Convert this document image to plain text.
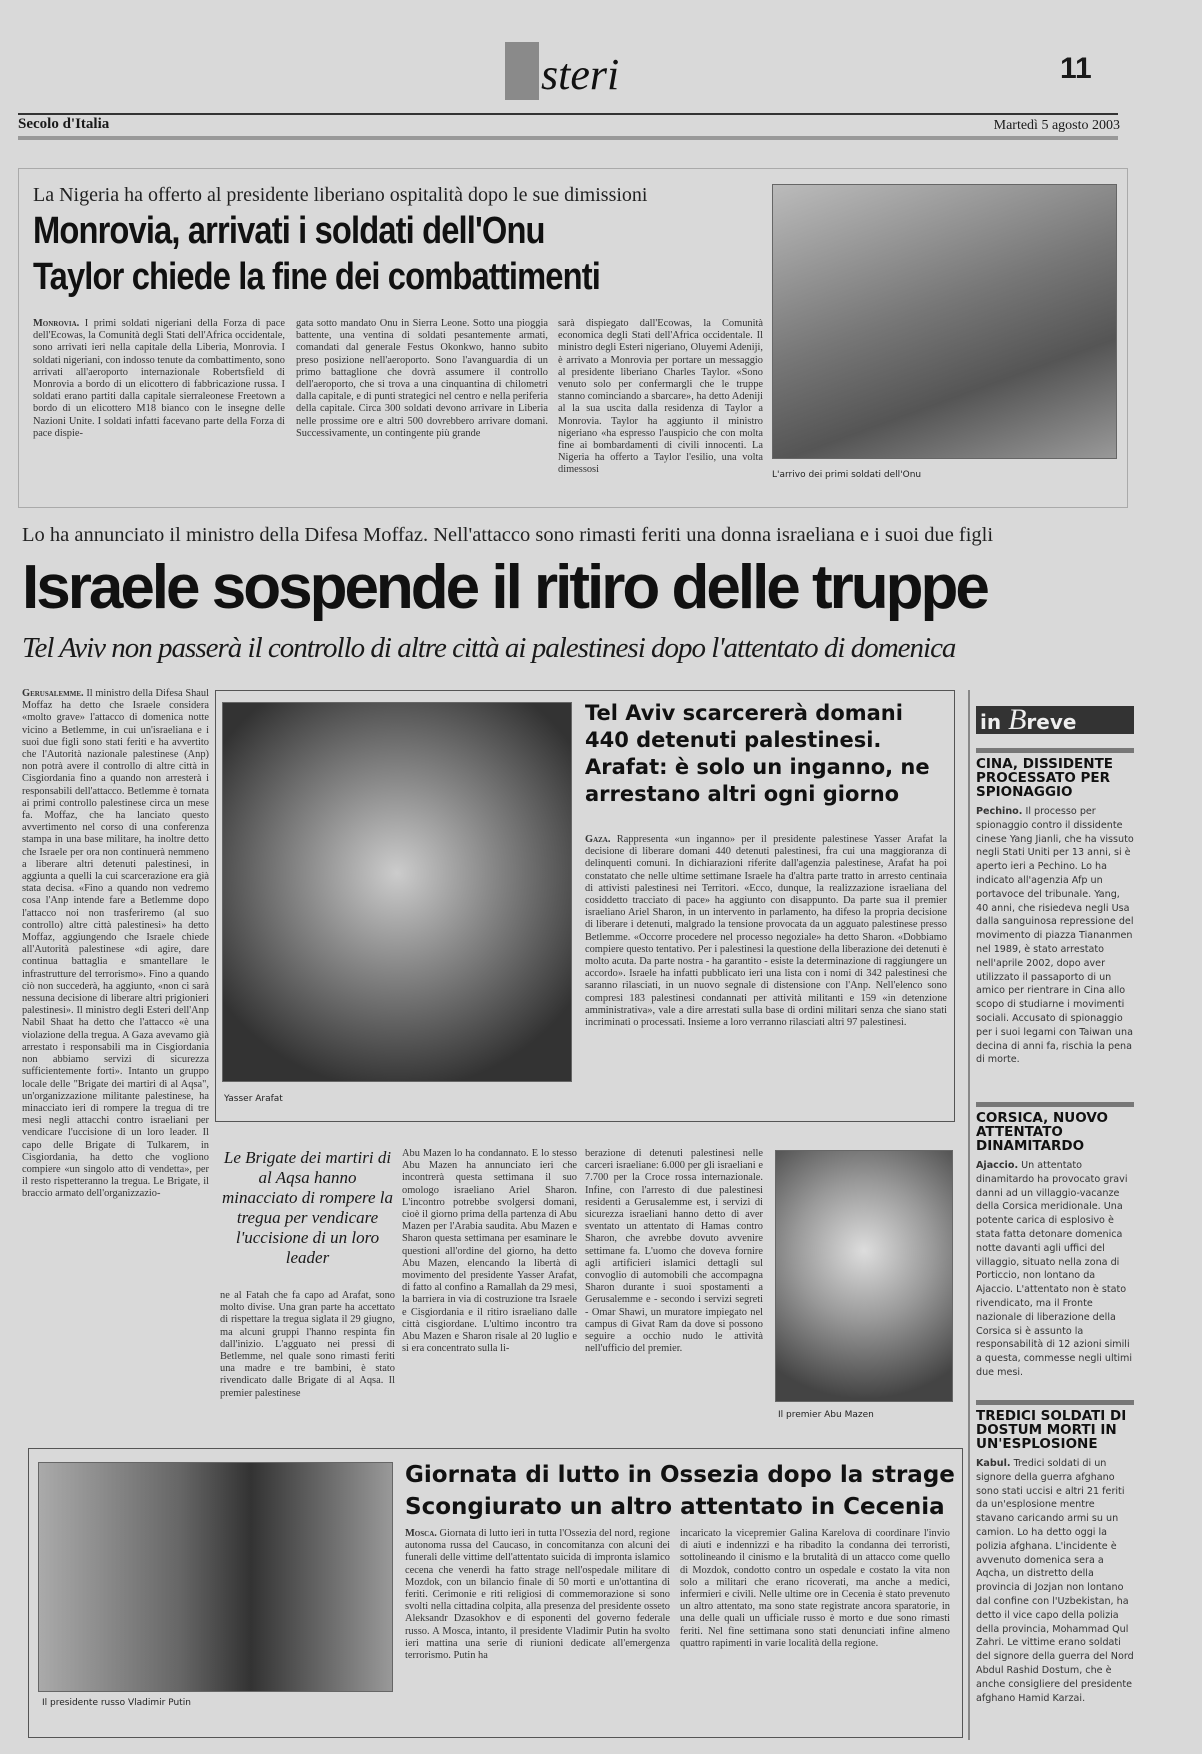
steri	11
Secolo d'Italia	Martedì 5 agosto 2003
La Nigeria ha offerto al presidente liberiano ospitalità dopo le sue dimissioni
Monrovia, arrivati i soldati dell'Onu
Taylor chiede la fine dei combattimenti
Monrovia. I primi soldati nigeriani della Forza di pace dell'Ecowas, la Comunità degli Stati dell'Africa occidentale, sono arrivati ieri nella capitale della Liberia, Monrovia. I soldati nigeriani, con indosso tenute da combattimento, sono arrivati all'aeroporto internazionale Robertsfield di Monrovia a bordo di un elicottero di fabbricazione russa. I soldati erano partiti dalla capitale sierraleonese Freetown a bordo di un elicottero M18 bianco con le insegne delle Nazioni Unite. I soldati infatti facevano parte della Forza di pace dispie-
gata sotto mandato Onu in Sierra Leone. Sotto una pioggia battente, una ventina di soldati pesantemente armati, comandati dal generale Festus Okonkwo, hanno subito preso posizione nell'aeroporto. Sono l'avanguardia di un primo battaglione che dovrà assumere il controllo dell'aeroporto, che si trova a una cinquantina di chilometri dalla capitale, e di punti strategici nel centro e nella periferia della capitale. Circa 300 soldati devono arrivare in Liberia nelle prossime ore e altri 500 dovrebbero arrivare domani. Successivamente, un contingente più grande
sarà dispiegato dall'Ecowas, la Comunità economica degli Stati dell'Africa occidentale. Il ministro degli Esteri nigeriano, Oluyemi Adeniji, è arrivato a Monrovia per portare un messaggio al presidente liberiano Charles Taylor. «Sono venuto solo per confermargli che le truppe stanno cominciando a sbarcare», ha detto Adeniji al la sua uscita dalla residenza di Taylor a Monrovia. Taylor ha aggiunto il ministro nigeriano «ha espresso l'auspicio che con molta fine ai bombardamenti di civili innocenti. La Nigeria ha offerto a Taylor l'esilio, una volta dimessosi	L'arrivo dei primi soldati dell'Onu
Lo ha annunciato il ministro della Difesa Moffaz. Nell'attacco sono rimasti feriti una donna israeliana e i suoi due figli
Israele sospende il ritiro delle truppe
Tel Aviv non passerà il controllo di altre città ai palestinesi dopo l'attentato di domenica
Gerusalemme. Il ministro della Difesa Shaul Moffaz ha detto che Israele considera «molto grave» l'attacco di domenica notte vicino a Betlemme, in cui un'israeliana e i suoi due figli sono stati feriti e ha avvertito che l'Autorità nazionale palestinese (Anp) non potrà avere il controllo di altre città in Cisgiordania fino a quando non arresterà i responsabili dell'attacco. Betlemme è tornata ai primi controllo palestinese circa un mese fa. Moffaz, che ha lanciato questo avvertimento nel corso di una conferenza stampa in una base militare, ha inoltre detto che Israele per ora non continuerà nemmeno a liberare altri detenuti palestinesi, in aggiunta a quelli la cui scarcerazione era già stata decisa. «Fino a quando non vedremo cosa l'Anp intende fare a Betlemme dopo l'attacco noi non trasferiremo (al suo controllo) altre città palestinesi» ha detto Moffaz, aggiungendo che Israele chiede all'Autorità palestinese «di agire, dare continua battaglia e smantellare le infrastrutture del terrorismo». Fino a quando ciò non succederà, ha aggiunto, «non ci sarà nessuna decisione di liberare altri prigionieri palestinesi». Il ministro degli Esteri dell'Anp Nabil Shaat ha detto che l'attacco «è una violazione della tregua. A Gaza avevamo già arrestato i responsabili ma in Cisgiordania non abbiamo servizi di sicurezza sufficientemente forti». Intanto un gruppo locale delle "Brigate dei martiri di al Aqsa", un'organizzazione militante palestinese, ha minacciato ieri di rompere la tregua di tre mesi negli attacchi contro israeliani per vendicare l'uccisione di un loro leader. Il capo delle Brigate di Tulkarem, in Cisgiordania, ha detto che vogliono compiere «un singolo atto di vendetta», per il resto rispetteranno la tregua. Le Brigate, il braccio armato dell'organizzazio-
Yasser Arafat
Tel Aviv scarcererà domani 440 detenuti palestinesi. Arafat: è solo un inganno, ne arrestano altri ogni giorno
Gaza. Rappresenta «un inganno» per il presidente palestinese Yasser Arafat la decisione di liberare domani 440 detenuti palestinesi, fra cui una maggioranza di delinquenti comuni. In dichiarazioni riferite dall'agenzia palestinese, Arafat ha poi constatato che nelle ultime settimane Israele ha d'altra parte tratto in arresto centinaia di attivisti palestinesi nei Territori. «Ecco, dunque, la realizzazione israeliana del cosiddetto tracciato di pace» ha aggiunto con disappunto. Da parte sua il premier israeliano Ariel Sharon, in un intervento in parlamento, ha difeso la propria decisione di liberare i detenuti, malgrado la tensione provocata da un agguato palestinese presso Betlemme. «Occorre procedere nel processo negoziale» ha detto Sharon. «Dobbiamo compiere questo tentativo. Per i palestinesi la questione della liberazione dei detenuti è molto acuta. Da parte nostra - ha garantito - esiste la determinazione di raggiungere un accordo». Israele ha infatti pubblicato ieri una lista con i nomi di 342 palestinesi che saranno rilasciati, in un nuovo segnale di distensione con l'Anp. Nell'elenco sono compresi 183 palestinesi condannati per attività militanti e 159 «in detenzione amministrativa», vale a dire arrestati sulla base di ordini militari senza che siano stati incriminati o processati. Insieme a loro verranno rilasciati altri 97 palestinesi.
Le Brigate dei martiri di al Aqsa hanno minacciato di rompere la tregua per vendicare l'uccisione di un loro leader
ne al Fatah che fa capo ad Arafat, sono molto divise. Una gran parte ha accettato di rispettare la tregua siglata il 29 giugno, ma alcuni gruppi l'hanno respinta fin dall'inizio. L'agguato nei pressi di Betlemme, nel quale sono rimasti feriti una madre e tre bambini, è stato rivendicato dalle Brigate di al Aqsa. Il premier palestinese
Abu Mazen lo ha condannato. E lo stesso Abu Mazen ha annunciato ieri che incontrerà questa settimana il suo omologo israeliano Ariel Sharon. L'incontro potrebbe svolgersi domani, cioè il giorno prima della partenza di Abu Mazen per l'Arabia saudita. Abu Mazen e Sharon questa settimana per esaminare le questioni all'ordine del giorno, ha detto Abu Mazen, elencando la libertà di movimento del presidente Yasser Arafat, di fatto al confino a Ramallah da 29 mesi, la barriera in via di costruzione tra Israele e Cisgiordania e il ritiro israeliano dalle città cisgiordane. L'ultimo incontro tra Abu Mazen e Sharon risale al 20 luglio e si era concentrato sulla li-
berazione di detenuti palestinesi nelle carceri israeliane: 6.000 per gli israeliani e 7.700 per la Croce rossa internazionale. Infine, con l'arresto di due palestinesi residenti a Gerusalemme est, i servizi di sicurezza israeliani hanno detto di aver sventato un attentato di Hamas contro Sharon, che avrebbe dovuto avvenire settimane fa. L'uomo che doveva fornire agli artificieri islamici dettagli sul convoglio di automobili che accompagna Sharon durante i suoi spostamenti a Gerusalemme e - secondo i servizi segreti - Omar Shawi, un muratore impiegato nel campus di Givat Ram da dove si possono seguire a occhio nudo le attività nell'ufficio del premier.
Il premier Abu Mazen
Il presidente russo Vladimir Putin
Giornata di lutto in Ossezia dopo la strage
Scongiurato un altro attentato in Cecenia
Mosca. Giornata di lutto ieri in tutta l'Ossezia del nord, regione autonoma russa del Caucaso, in concomitanza con alcuni dei funerali delle vittime dell'attentato suicida di impronta islamico cecena che venerdì ha fatto strage nell'ospedale militare di Mozdok, con un bilancio finale di 50 morti e un'ottantina di feriti. Cerimonie e riti religiosi di commemorazione si sono svolti nella cittadina colpita, alla presenza del presidente osseto Aleksandr Dzasokhov e di esponenti del governo federale russo. A Mosca, intanto, il presidente Vladimir Putin ha svolto ieri mattina una serie di riunioni dedicate all'emergenza terrorismo. Putin ha
incaricato la vicepremier Galina Karelova di coordinare l'invio di aiuti e indennizzi e ha ribadito la condanna dei terroristi, sottolineando il cinismo e la brutalità di un attacco come quello di Mozdok, condotto contro un ospedale e costato la vita non solo a militari che erano ricoverati, ma anche a medici, infermieri e civili. Nelle ultime ore in Cecenia è stato prevenuto un altro attentato, ma sono state registrate ancora sparatorie, in una delle quali un ufficiale russo è morto e due sono rimasti feriti. Nel fine settimana sono stati denunciati infine almeno quattro rapimenti in varie località della regione.
in Breve
CINA, DISSIDENTE PROCESSATO PER SPIONAGGIO
Pechino. Il processo per spionaggio contro il dissidente cinese Yang Jianli, che ha vissuto negli Stati Uniti per 13 anni, si è aperto ieri a Pechino. Lo ha indicato all'agenzia Afp un portavoce del tribunale. Yang, 40 anni, che risiedeva negli Usa dalla sanguinosa repressione del movimento di piazza Tiananmen nel 1989, è stato arrestato nell'aprile 2002, dopo aver utilizzato il passaporto di un amico per rientrare in Cina allo scopo di studiarne i movimenti sociali. Accusato di spionaggio per i suoi legami con Taiwan una decina di anni fa, rischia la pena di morte.
CORSICA, NUOVO ATTENTATO DINAMITARDO
Ajaccio. Un attentato dinamitardo ha provocato gravi danni ad un villaggio-vacanze della Corsica meridionale. Una potente carica di esplosivo è stata fatta detonare domenica notte davanti agli uffici del villaggio, situato nella zona di Porticcio, non lontano da Ajaccio. L'attentato non è stato rivendicato, ma il Fronte nazionale di liberazione della Corsica si è assunto la responsabilità di 12 azioni simili a questa, commesse negli ultimi due mesi.
TREDICI SOLDATI DI DOSTUM MORTI IN UN'ESPLOSIONE
Kabul. Tredici soldati di un signore della guerra afghano sono stati uccisi e altri 21 feriti da un'esplosione mentre stavano caricando armi su un camion. Lo ha detto oggi la polizia afghana. L'incidente è avvenuto domenica sera a Aqcha, un distretto della provincia di Jozjan non lontano dal confine con l'Uzbekistan, ha detto il vice capo della polizia della provincia, Mohammad Qul Zahri. Le vittime erano soldati del signore della guerra del Nord Abdul Rashid Dostum, che è anche consigliere del presidente afghano Hamid Karzai.
